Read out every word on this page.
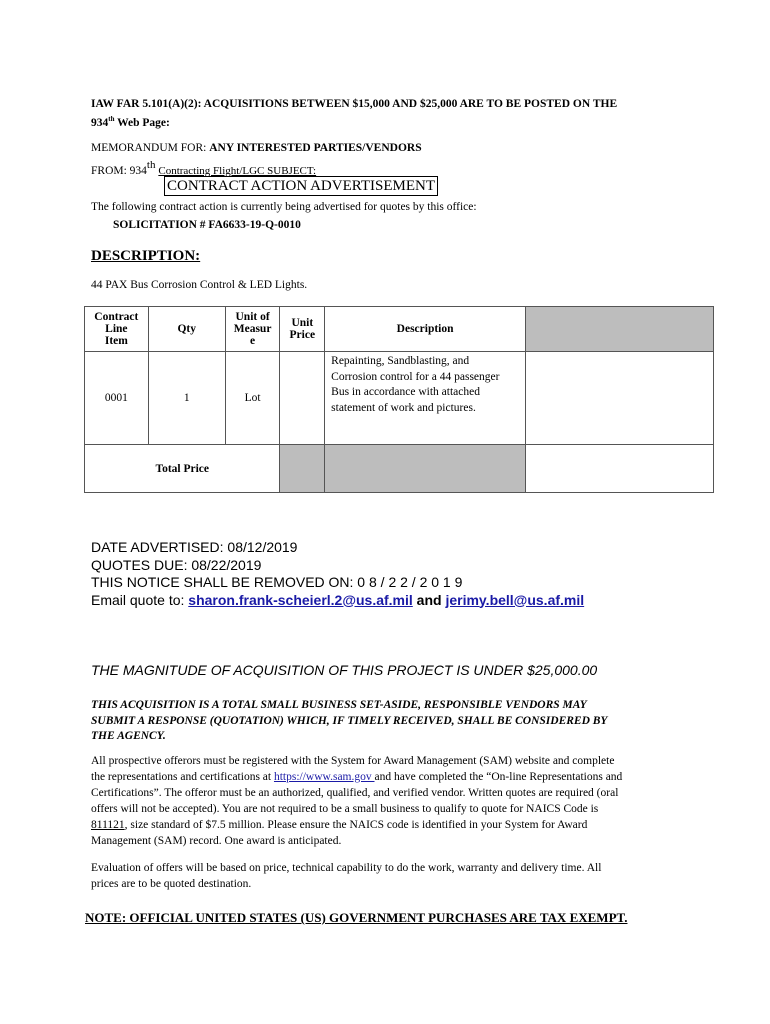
IAW FAR 5.101(A)(2): ACQUISITIONS BETWEEN $15,000 AND $25,000 ARE TO BE POSTED ON THE
934th Web Page:
MEMORANDUM FOR: ANY INTERESTED PARTIES/VENDORS
FROM: 934th Contracting Flight/LGC SUBJECT:
CONTRACT ACTION ADVERTISEMENT
The following contract action is currently being advertised for quotes by this office:
SOLICITATION # FA6633-19-Q-0010
DESCRIPTION:
44 PAX Bus Corrosion Control & LED Lights.
Contract
Line
Item	Qty	Unit of
Measur
e	Unit
Price	Description	
0001	1	Lot		Repainting, Sandblasting, and
Corrosion control for a 44 passenger
Bus in accordance with attached
statement of work and pictures.	
Total Price					
DATE ADVERTISED: 08/12/2019
QUOTES DUE: 08/22/2019
THIS NOTICE SHALL BE REMOVED ON: 0 8 / 2 2 / 2 0 1 9
Email quote to: sharon.frank-scheierl.2@us.af.mil and jerimy.bell@us.af.mil
THE MAGNITUDE OF ACQUISITION OF THIS PROJECT IS UNDER $25,000.00
THIS ACQUISITION IS A TOTAL SMALL BUSINESS SET-ASIDE, RESPONSIBLE VENDORS MAY
SUBMIT A RESPONSE (QUOTATION) WHICH, IF TIMELY RECEIVED, SHALL BE CONSIDERED BY
THE AGENCY.
All prospective offerors must be registered with the System for Award Management (SAM) website and complete
the representations and certifications at https://www.sam.gov and have completed the “On-line Representations and
Certifications”. The offeror must be an authorized, qualified, and verified vendor. Written quotes are required (oral
offers will not be accepted). You are not required to be a small business to qualify to quote for NAICS Code is
811121, size standard of $7.5 million. Please ensure the NAICS code is identified in your System for Award
Management (SAM) record. One award is anticipated.
Evaluation of offers will be based on price, technical capability to do the work, warranty and delivery time. All
prices are to be quoted destination.
NOTE: OFFICIAL UNITED STATES (US) GOVERNMENT PURCHASES ARE TAX EXEMPT.
